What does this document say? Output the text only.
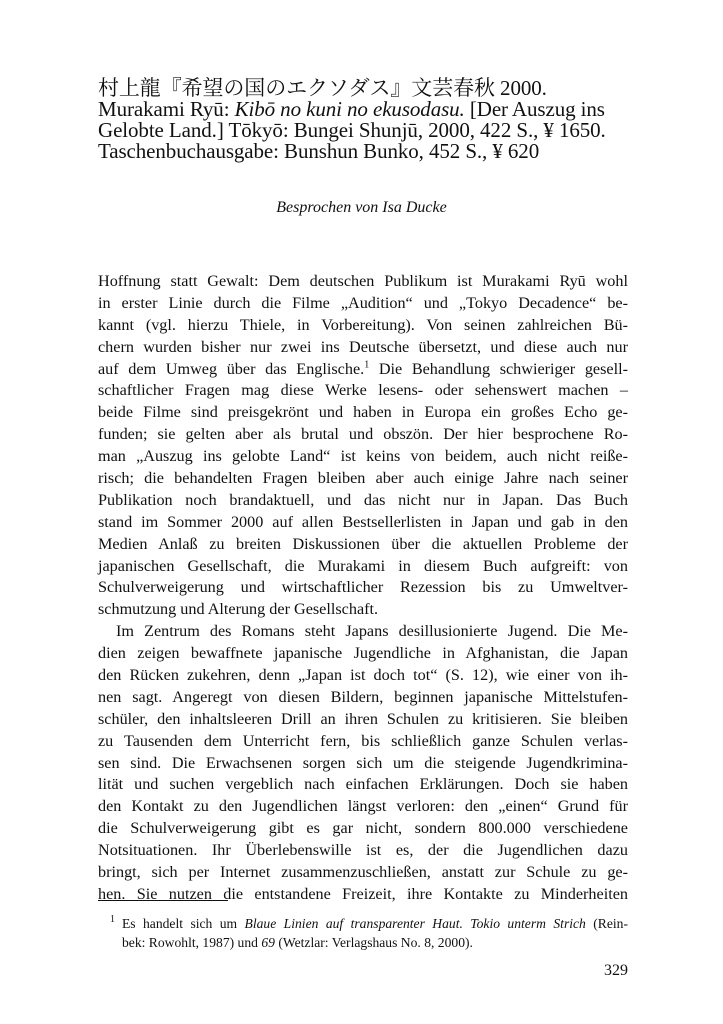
村上龍『希望の国のエクソダス』文芸春秋 2000.
Murakami Ryū: Kibō no kuni no ekusodasu. [Der Auszug ins
Gelobte Land.] Tōkyō: Bungei Shunjū, 2000, 422 S., ¥ 1650.
Taschenbuchausgabe: Bunshun Bunko, 452 S., ¥ 620
Besprochen von Isa Ducke
Hoffnung statt Gewalt: Dem deutschen Publikum ist Murakami Ryū wohl
in erster Linie durch die Filme „Audition“ und „Tokyo Decadence“ be-
kannt (vgl. hierzu Thiele, in Vorbereitung). Von seinen zahlreichen Bü-
chern wurden bisher nur zwei ins Deutsche übersetzt, und diese auch nur
auf dem Umweg über das Englische.$^1$ Die Behandlung schwieriger gesell-
schaftlicher Fragen mag diese Werke lesens- oder sehenswert machen –
beide Filme sind preisgekrönt und haben in Europa ein großes Echo ge-
funden; sie gelten aber als brutal und obszön. Der hier besprochene Ro-
man „Auszug ins gelobte Land“ ist keins von beidem, auch nicht reiße-
risch; die behandelten Fragen bleiben aber auch einige Jahre nach seiner
Publikation noch brandaktuell, und das nicht nur in Japan. Das Buch
stand im Sommer 2000 auf allen Bestsellerlisten in Japan und gab in den
Medien Anlaß zu breiten Diskussionen über die aktuellen Probleme der
japanischen Gesellschaft, die Murakami in diesem Buch aufgreift: von
Schulverweigerung und wirtschaftlicher Rezession bis zu Umweltver-
schmutzung und Alterung der Gesellschaft.
Im Zentrum des Romans steht Japans desillusionierte Jugend. Die Me-
dien zeigen bewaffnete japanische Jugendliche in Afghanistan, die Japan
den Rücken zukehren, denn „Japan ist doch tot“ (S. 12), wie einer von ih-
nen sagt. Angeregt von diesen Bildern, beginnen japanische Mittelstufen-
schüler, den inhaltsleeren Drill an ihren Schulen zu kritisieren. Sie bleiben
zu Tausenden dem Unterricht fern, bis schließlich ganze Schulen verlas-
sen sind. Die Erwachsenen sorgen sich um die steigende Jugendkrimina-
lität und suchen vergeblich nach einfachen Erklärungen. Doch sie haben
den Kontakt zu den Jugendlichen längst verloren: den „einen“ Grund für
die Schulverweigerung gibt es gar nicht, sondern 800.000 verschiedene
Notsituationen. Ihr Überlebenswille ist es, der die Jugendlichen dazu
bringt, sich per Internet zusammenzuschließen, anstatt zur Schule zu ge-
hen. Sie nutzen die entstandene Freizeit, ihre Kontakte zu Minderheiten
1 Es handelt sich um Blaue Linien auf transparenter Haut. Tokio unterm Strich (Rein-
bek: Rowohlt, 1987) und 69 (Wetzlar: Verlagshaus No. 8, 2000).
329
